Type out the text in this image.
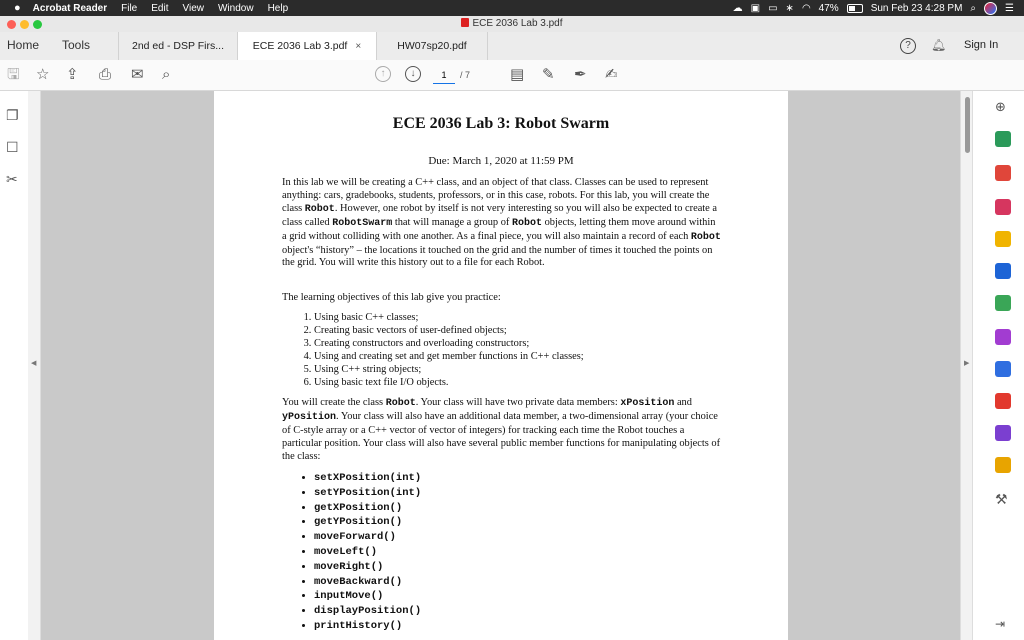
● Acrobat Reader File Edit View Window Help	☁ ▣ ▭ ∗ ◠ 47%	Sun Feb 23 4:28 PM ⌕	☰
ECE 2036 Lab 3.pdf
Home Tools	2nd ed - DSP Firs...	ECE 2036 Lab 3.pdf ×	HW07sp20.pdf	?	🔔︎ Sign In
🖫︎ ☆ ⇪ ⎙ ✉ ⌕	↑	↓	▤ ✎ ✒ ✍

1
/ 7
❐
☐
✂
◀
ECE 2036 Lab 3: Robot Swarm
Due: March 1, 2020 at 11:59 PM

In this lab we will be creating a C++ class, and an object of that class. Classes can be used to represent anything: cars, gradebooks, students, professors, or in this case, robots. For this lab, you will create the class Robot. However, one robot by itself is not very interesting so you will also be expected to create a class called RobotSwarm that will manage a group of Robot objects, letting them move around within a grid without colliding with one another. As a final piece, you will also maintain a record of each Robot object's “history” – the locations it touched on the grid and the number of times it touched the points on the grid. You will write this history out to a file for each Robot.

The learning objectives of this lab give you practice:

1. Using basic C++ classes;
2. Creating basic vectors of user-defined objects;
3. Creating constructors and overloading constructors;
4. Using and creating set and get member functions in C++ classes;
5. Using C++ string objects;
6. Using basic text file I/O objects.

You will create the class Robot. Your class will have two private data members: xPosition and yPosition. Your class will also have an additional data member, a two-dimensional array (your choice of C-style array or a C++ vector of vector of integers) for tracking each time the Robot touches a particular position. Your class will also have several public member functions for manipulating objects of the class:

• setXPosition(int)
• setYPosition(int)
• getXPosition()
• getYPosition()
• moveForward()
• moveLeft()
• moveRight()
• moveBackward()
• inputMove()
• displayPosition()
• printHistory()
▶
⊕
⚒
⇥
